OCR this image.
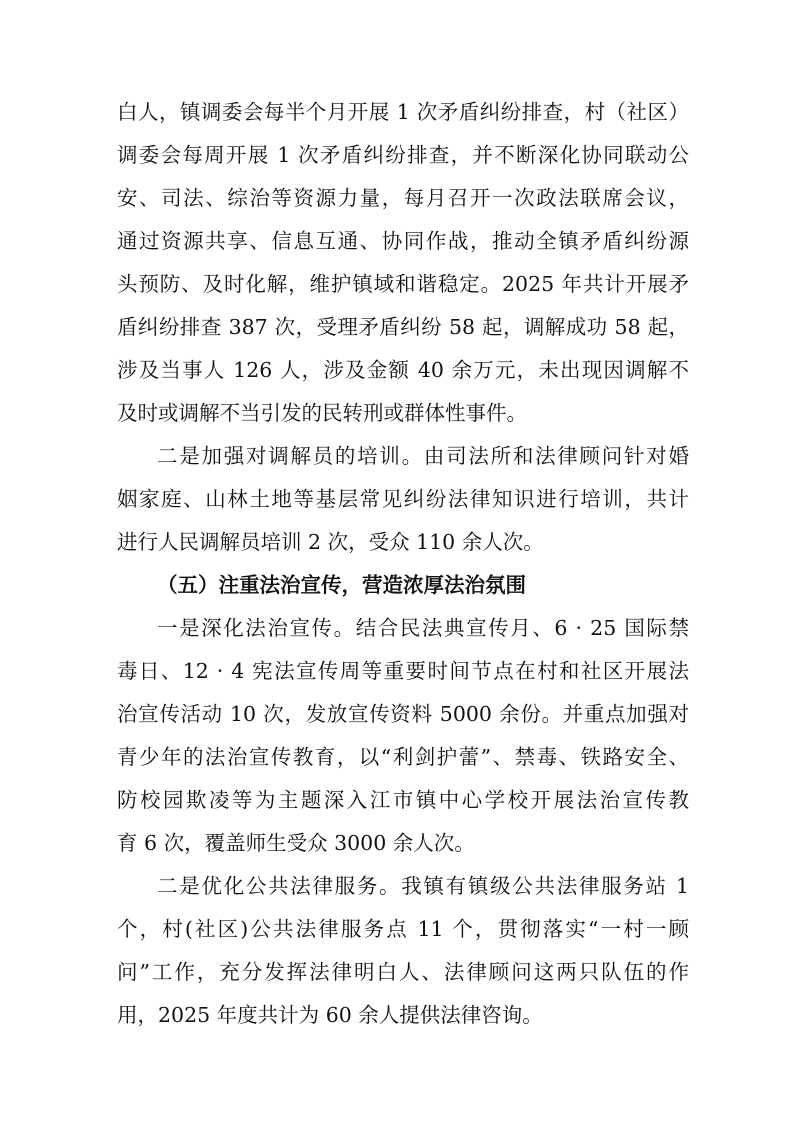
白人，镇调委会每半个月开展 1 次矛盾纠纷排查，村（社区）
调委会每周开展 1 次矛盾纠纷排查，并不断深化协同联动公
安、司法、综治等资源力量，每月召开一次政法联席会议，
通过资源共享、信息互通、协同作战，推动全镇矛盾纠纷源
头预防、及时化解，维护镇域和谐稳定。2025 年共计开展矛
盾纠纷排查 387 次，受理矛盾纠纷 58 起，调解成功 58 起，
涉及当事人 126 人，涉及金额 40 余万元，未出现因调解不
及时或调解不当引发的民转刑或群体性事件。
二是加强对调解员的培训。由司法所和法律顾问针对婚
姻家庭、山林土地等基层常见纠纷法律知识进行培训，共计
进行人民调解员培训 2 次，受众 110 余人次。
（五）注重法治宣传，营造浓厚法治氛围
一是深化法治宣传。结合民法典宣传月、6 · 25 国际禁
毒日、12 · 4 宪法宣传周等重要时间节点在村和社区开展法
治宣传活动 10 次，发放宣传资料 5000 余份。并重点加强对
青少年的法治宣传教育，以“利剑护蕾”、禁毒、铁路安全、
防校园欺凌等为主题深入江市镇中心学校开展法治宣传教
育 6 次，覆盖师生受众 3000 余人次。
二是优化公共法律服务。我镇有镇级公共法律服务站 1
个，村(社区)公共法律服务点 11 个，贯彻落实“一村一顾
问”工作，充分发挥法律明白人、法律顾问这两只队伍的作
用，2025 年度共计为 60 余人提供法律咨询。
